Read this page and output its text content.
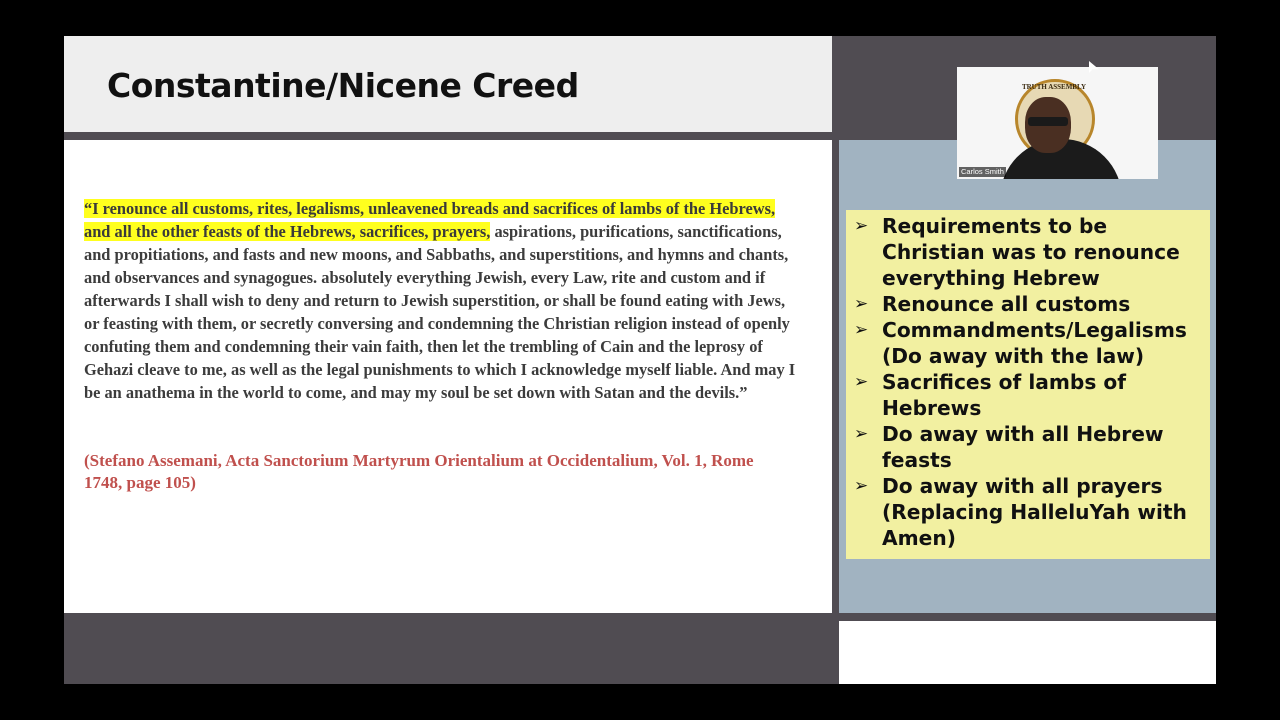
Constantine/Nicene Creed
“I renounce all customs, rites, legalisms, unleavened breads and sacrifices of lambs of the Hebrews, and all the other feasts of the Hebrews, sacrifices, prayers, aspirations, purifications, sanctifications, and propitiations, and fasts and new moons, and Sabbaths, and superstitions, and hymns and chants, and observances and synagogues. absolutely everything Jewish, every Law, rite and custom and if afterwards I shall wish to deny and return to Jewish superstition, or shall be found eating with Jews, or feasting with them, or secretly conversing and condemning the Christian religion instead of openly confuting them and condemning their vain faith, then let the trembling of Cain and the leprosy of Gehazi cleave to me, as well as the legal punishments to which I acknowledge myself liable. And may I be an anathema in the world to come, and may my soul be set down with Satan and the devils.”
(Stefano Assemani, Acta Sanctorium Martyrum Orientalium at Occidentalium, Vol. 1, Rome
1748, page 105)
➢ Requirements to be Christian was to renounce everything Hebrew
➢ Renounce all customs
➢ Commandments/Legalisms (Do away with the law)
➢ Sacrifices of lambs of Hebrews
➢ Do away with all Hebrew feasts
➢ Do away with all prayers (Replacing HalleluYah with Amen)
TRUTH ASSEMBLY
Carlos Smith
